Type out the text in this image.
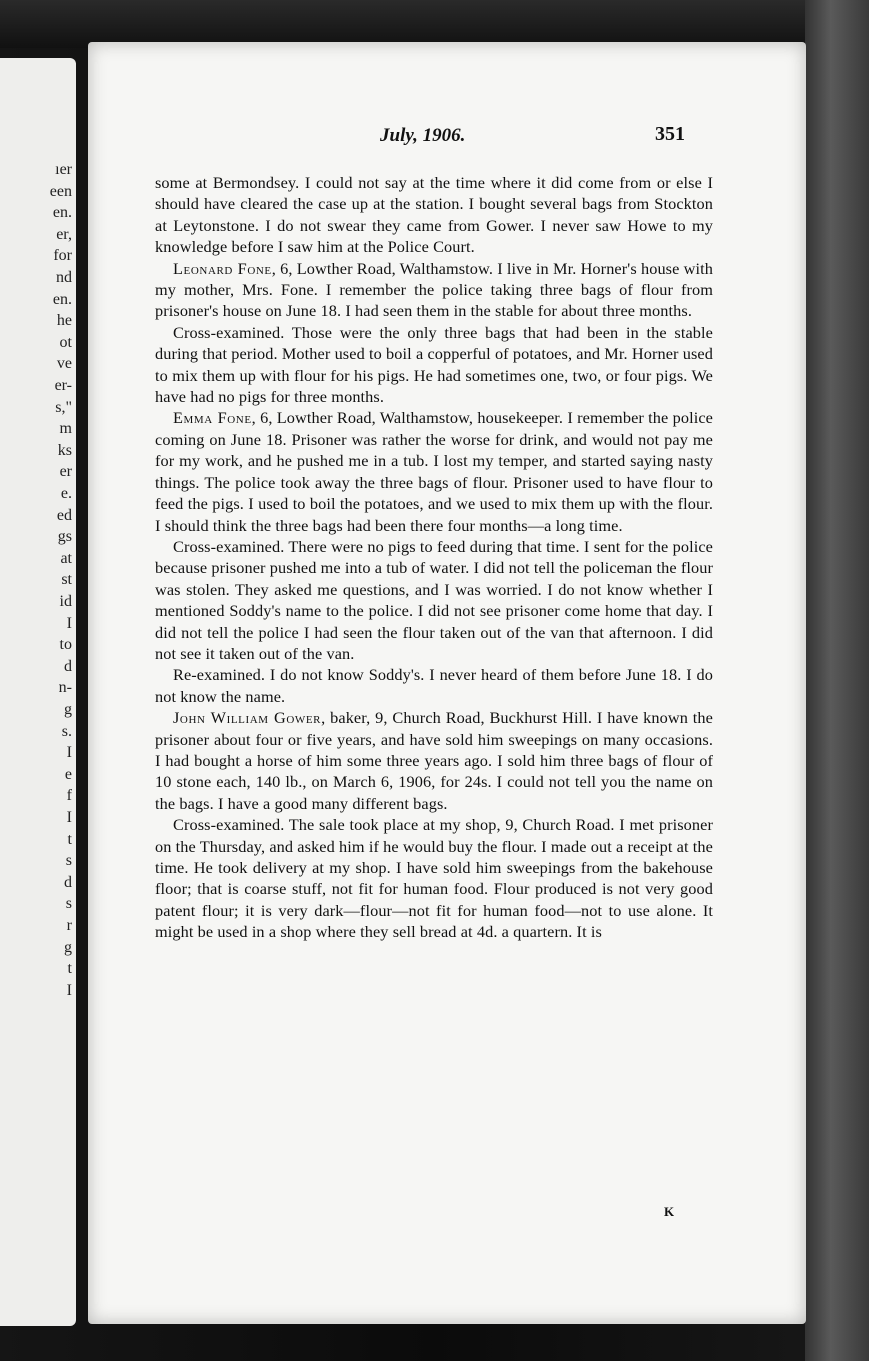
ıer
een
en.
er,
for
nd
en.
he
ot
ve
er-
s,"
m
ks
er
e.
ed
gs
at
st
id
I
to
d
n-
g
s.
I
e
f
I
t
s
d
s
r
g
t
I
July, 1906.	351

some at Bermondsey. I could not say at the time where it did come from or else I should have cleared the case up at the station. I bought several bags from Stockton at Leytonstone. I do not swear they came from Gower. I never saw Howe to my knowledge before I saw him at the Police Court.

Leonard Fone, 6, Lowther Road, Walthamstow. I live in Mr. Horner's house with my mother, Mrs. Fone. I remember the police taking three bags of flour from prisoner's house on June 18. I had seen them in the stable for about three months.

Cross-examined. Those were the only three bags that had been in the stable during that period. Mother used to boil a copperful of potatoes, and Mr. Horner used to mix them up with flour for his pigs. He had sometimes one, two, or four pigs. We have had no pigs for three months.

Emma Fone, 6, Lowther Road, Walthamstow, housekeeper. I remember the police coming on June 18. Prisoner was rather the worse for drink, and would not pay me for my work, and he pushed me in a tub. I lost my temper, and started saying nasty things. The police took away the three bags of flour. Prisoner used to have flour to feed the pigs. I used to boil the potatoes, and we used to mix them up with the flour. I should think the three bags had been there four months—a long time.

Cross-examined. There were no pigs to feed during that time. I sent for the police because prisoner pushed me into a tub of water. I did not tell the policeman the flour was stolen. They asked me questions, and I was worried. I do not know whether I mentioned Soddy's name to the police. I did not see prisoner come home that day. I did not tell the police I had seen the flour taken out of the van that afternoon. I did not see it taken out of the van.

Re-examined. I do not know Soddy's. I never heard of them before June 18. I do not know the name.

John William Gower, baker, 9, Church Road, Buckhurst Hill. I have known the prisoner about four or five years, and have sold him sweepings on many occasions. I had bought a horse of him some three years ago. I sold him three bags of flour of 10 stone each, 140 lb., on March 6, 1906, for 24s. I could not tell you the name on the bags. I have a good many different bags.

Cross-examined. The sale took place at my shop, 9, Church Road. I met prisoner on the Thursday, and asked him if he would buy the flour. I made out a receipt at the time. He took delivery at my shop. I have sold him sweepings from the bakehouse floor; that is coarse stuff, not fit for human food. Flour produced is not very good patent flour; it is very dark—flour—not fit for human food—not to use alone. It might be used in a shop where they sell bread at 4d. a quartern. It is

K
